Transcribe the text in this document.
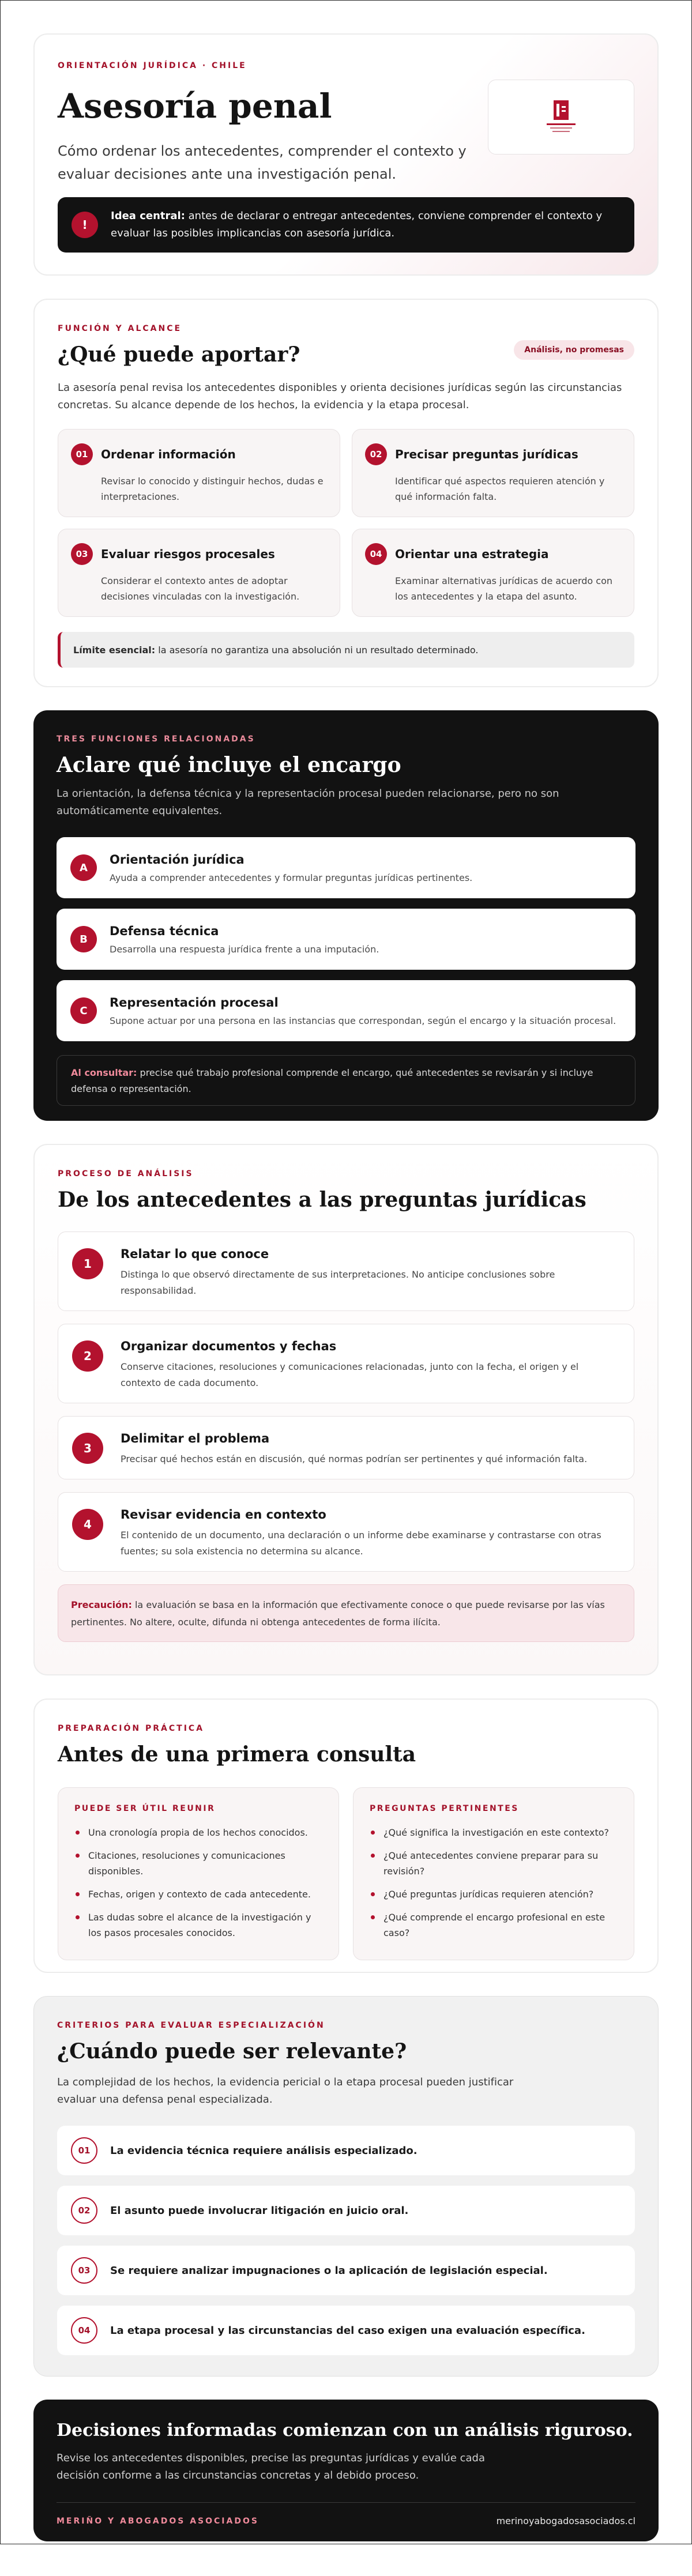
ORIENTACIÓN JURÍDICA · CHILE
Asesoría penal

Cómo ordenar los antecedentes, comprender el contexto y evaluar decisiones ante una investigación penal.

!

Idea central: antes de declarar o entregar antecedentes, conviene comprender el contexto y evaluar las posibles implicancias con asesoría jurídica.

FUNCIÓN Y ALCANCE
¿Qué puede aportar?	Análisis, no promesas

La asesoría penal revisa los antecedentes disponibles y orienta decisiones jurídicas según las circunstancias concretas. Su alcance depende de los hechos, la evidencia y la etapa procesal.

01	Ordenar información

Revisar lo conocido y distinguir hechos, dudas e interpretaciones.

02	Precisar preguntas jurídicas

Identificar qué aspectos requieren atención y qué información falta.

03	Evaluar riesgos procesales

Considerar el contexto antes de adoptar decisiones vinculadas con la investigación.

04	Orientar una estrategia

Examinar alternativas jurídicas de acuerdo con los antecedentes y la etapa del asunto.

Límite esencial:
la asesoría no garantiza una absolución ni un resultado determinado.
TRES FUNCIONES RELACIONADAS
Aclare qué incluye el encargo

La orientación, la defensa técnica y la representación procesal pueden relacionarse, pero no son automáticamente equivalentes.

A
Orientación jurídica

Ayuda a comprender antecedentes y formular preguntas jurídicas pertinentes.

B
Defensa técnica

Desarrolla una respuesta jurídica frente a una imputación.

C
Representación procesal

Supone actuar por una persona en las instancias que correspondan, según el encargo y la situación procesal.

Al consultar: precise qué trabajo profesional comprende el encargo, qué antecedentes se revisarán y si incluye defensa o representación.
PROCESO DE ANÁLISIS
De los antecedentes a las preguntas jurídicas
1
Relatar lo que conoce

Distinga lo que observó directamente de sus interpretaciones. No anticipe conclusiones sobre responsabilidad.

2
Organizar documentos y fechas

Conserve citaciones, resoluciones y comunicaciones relacionadas, junto con la fecha, el origen y el contexto de cada documento.

3
Delimitar el problema

Precisar qué hechos están en discusión, qué normas podrían ser pertinentes y qué información falta.

4
Revisar evidencia en contexto

El contenido de un documento, una declaración o un informe debe examinarse y contrastarse con otras fuentes; su sola existencia no determina su alcance.

Precaución: la evaluación se basa en la información que efectivamente conoce o que puede revisarse por las vías pertinentes. No altere, oculte, difunda ni obtenga antecedentes de forma ilícita.
PREPARACIÓN PRÁCTICA
Antes de una primera consulta
PUEDE SER ÚTIL REUNIR
Una cronología propia de los hechos conocidos.
Citaciones, resoluciones y comunicaciones disponibles.
Fechas, origen y contexto de cada antecedente.
Las dudas sobre el alcance de la investigación y los pasos procesales conocidos.
PREGUNTAS PERTINENTES
¿Qué significa la investigación en este contexto?
¿Qué antecedentes conviene preparar para su revisión?
¿Qué preguntas jurídicas requieren atención?
¿Qué comprende el encargo profesional en este caso?
CRITERIOS PARA EVALUAR ESPECIALIZACIÓN
¿Cuándo puede ser relevante?

La complejidad de los hechos, la evidencia pericial o la etapa procesal pueden justificar evaluar una defensa penal especializada.

01	La evidencia técnica requiere análisis especializado.
02	El asunto puede involucrar litigación en juicio oral.
03	Se requiere analizar impugnaciones o la aplicación de legislación especial.
04	La etapa procesal y las circunstancias del caso exigen una evaluación específica.
Decisiones informadas comienzan con un análisis riguroso.

Revise los antecedentes disponibles, precise las preguntas jurídicas y evalúe cada decisión conforme a las circunstancias concretas y al debido proceso.

MERIÑO Y ABOGADOS ASOCIADOS	merinoyabogadosasociados.cl
